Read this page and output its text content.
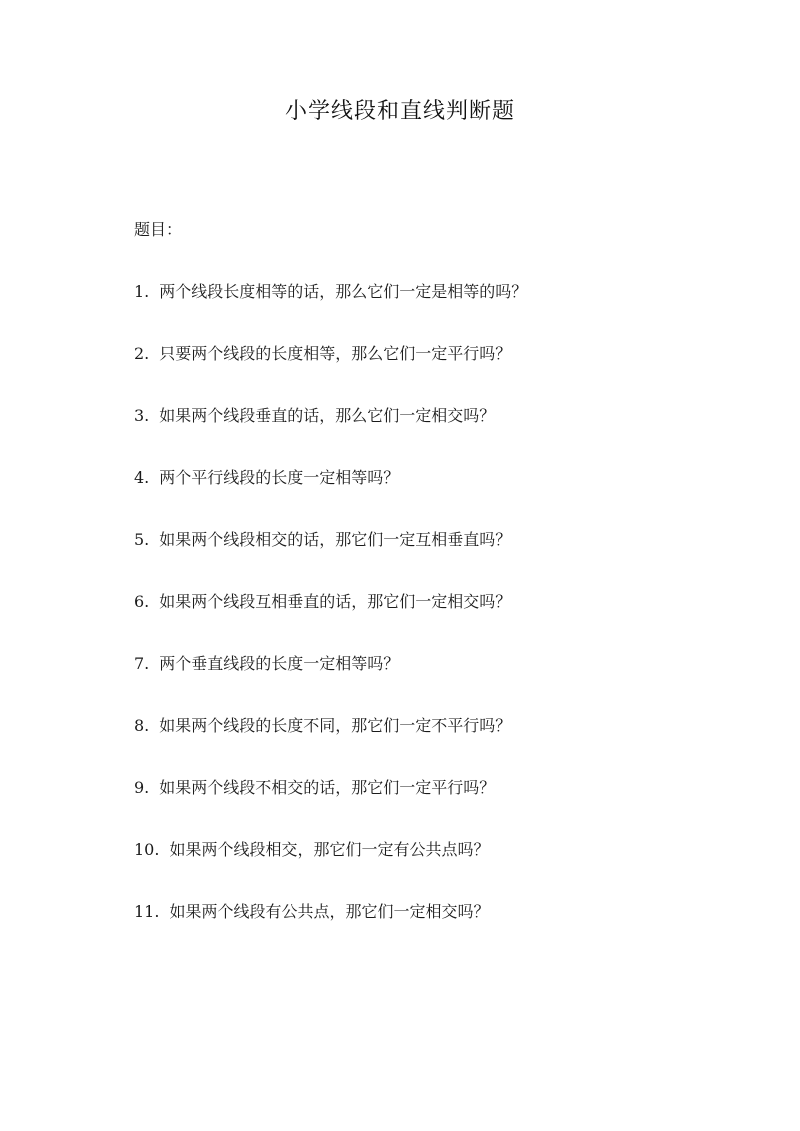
小学线段和直线判断题
题目：
1. 两个线段长度相等的话，那么它们一定是相等的吗？
2. 只要两个线段的长度相等，那么它们一定平行吗？
3. 如果两个线段垂直的话，那么它们一定相交吗？
4. 两个平行线段的长度一定相等吗？
5. 如果两个线段相交的话，那它们一定互相垂直吗？
6. 如果两个线段互相垂直的话，那它们一定相交吗？
7. 两个垂直线段的长度一定相等吗？
8. 如果两个线段的长度不同，那它们一定不平行吗？
9. 如果两个线段不相交的话，那它们一定平行吗？
10. 如果两个线段相交，那它们一定有公共点吗？
11. 如果两个线段有公共点，那它们一定相交吗？
